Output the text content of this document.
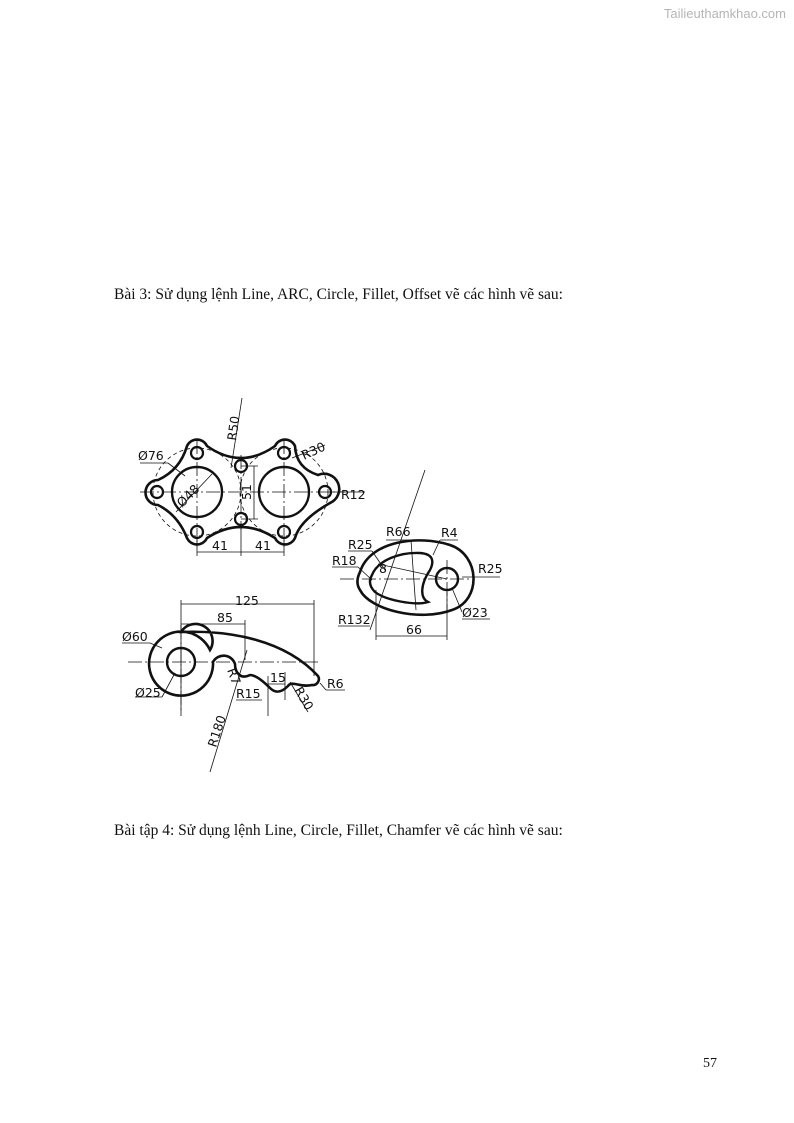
Tailieuthamkhao.com
Bài 3: Sử dụng lệnh Line, ARC, Circle, Fillet, Offset vẽ các hình vẽ sau:
Bài tập 4: Sử dụng lệnh Line, Circle, Fillet, Chamfer vẽ các hình vẽ sau:
57
R50
Ø76	R30
R12
Ø48	51
41 41
R66 R4
R25
R18
8	R25
Ø23
R132
66
125
85
Ø60
Ø25
R7
R15
15	R6
R30
R180
